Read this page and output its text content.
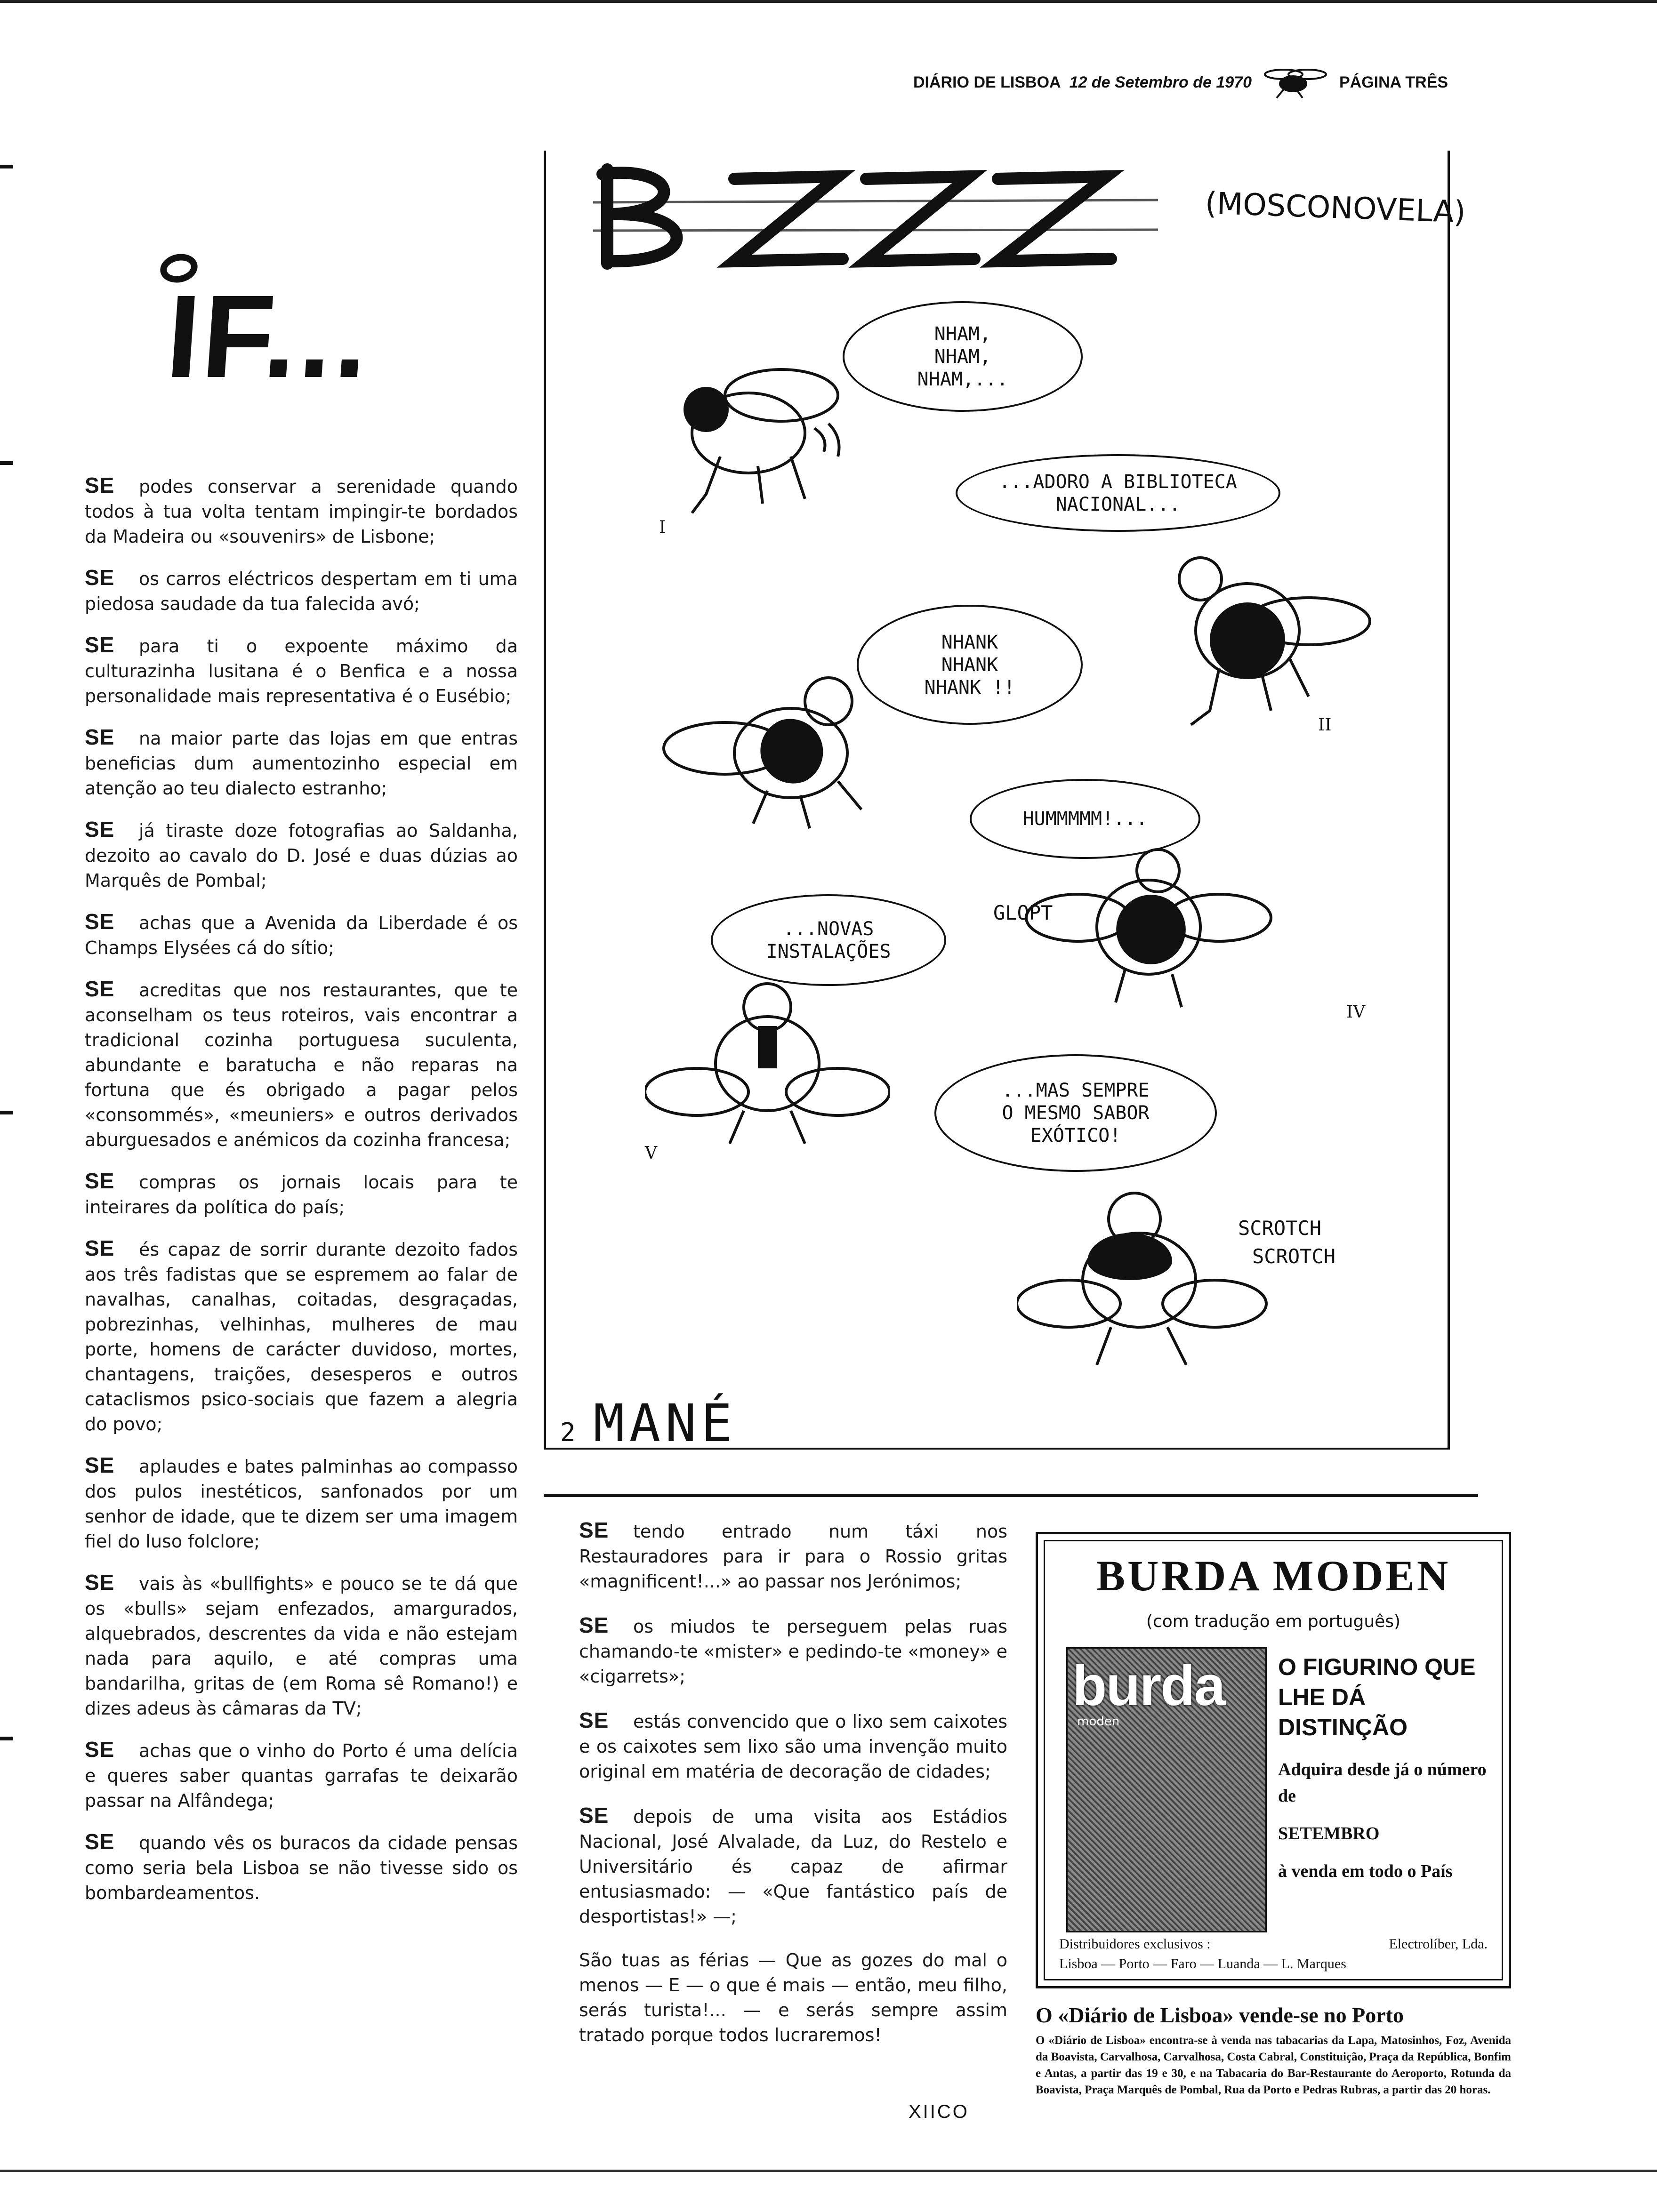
DIÁRIO DE LISBOA 12 de Setembro de 1970	PÁGINA TRÊS
IF...

SE podes conservar a serenidade quando todos à tua volta tentam impingir-te bordados da Madeira ou «souvenirs» de Lisbone;

SE os carros eléctricos despertam em ti uma piedosa saudade da tua falecida avó;

SE para ti o expoente máximo da culturazinha lusitana é o Benfica e a nossa personalidade mais representativa é o Eusébio;

SE na maior parte das lojas em que entras beneficias dum aumentozinho especial em atenção ao teu dialecto estranho;

SE já tiraste doze fotografias ao Saldanha, dezoito ao cavalo do D. José e duas dúzias ao Marquês de Pombal;

SE achas que a Avenida da Liberdade é os Champs Elysées cá do sítio;

SE acreditas que nos restaurantes, que te aconselham os teus roteiros, vais encontrar a tradicional cozinha portuguesa suculenta, abundante e baratucha e não reparas na fortuna que és obrigado a pagar pelos «consommés», «meuniers» e outros derivados aburguesados e anémicos da cozinha francesa;

SE compras os jornais locais para te inteirares da política do país;

SE és capaz de sorrir durante dezoito fados aos três fadistas que se espremem ao falar de navalhas, canalhas, coitadas, desgraçadas, pobrezinhas, velhinhas, mulheres de mau porte, homens de carácter duvidoso, mortes, chantagens, traições, desesperos e outros cataclismos psico-sociais que fazem a alegria do povo;

SE aplaudes e bates palminhas ao compasso dos pulos inestéticos, sanfonados por um senhor de idade, que te dizem ser uma imagem fiel do luso folclore;

SE vais às «bullfights» e pouco se te dá que os «bulls» sejam enfezados, amargurados, alquebrados, descrentes da vida e não estejam nada para aquilo, e até compras uma bandarilha, gritas de (em Roma sê Romano!) e dizes adeus às câmaras da TV;

SE achas que o vinho do Porto é uma delícia e queres saber quantas garrafas te deixarão passar na Alfândega;

SE quando vês os buracos da cidade pensas como seria bela Lisboa se não tivesse sido os bombardeamentos.

(MOSCONOVELA)
NHAM,
NHAM,
NHAM,...
...ADORO A BIBLIOTECA
NACIONAL...
NHANK
NHANK
NHANK !!
HUMMMMM!...
...NOVAS
INSTALAÇÕES
...MAS SEMPRE
O MESMO SABOR
EXÓTICO!
I
II
IV
V
GLOPT
SCROTCH
SCROTCH
2 MANÉ

SE tendo entrado num táxi nos Restauradores para ir para o Rossio gritas «magnificent!...» ao passar nos Jerónimos;

SE os miudos te perseguem pelas ruas chamando-te «mister» e pedindo-te «money» e «cigarrets»;

SE estás convencido que o lixo sem caixotes e os caixotes sem lixo são uma invenção muito original em matéria de decoração de cidades;

SE depois de uma visita aos Estádios Nacional, José Alvalade, da Luz, do Restelo e Universitário és capaz de afirmar entusiasmado: — «Que fantástico país de desportistas!» —;

São tuas as férias — Que as gozes do mal o menos — E — o que é mais — então, meu filho, serás turista!... — e serás sempre assim tratado porque todos lucraremos!

XIICO
BURDA MODEN
(com tradução em português)
burda
moden

O FIGURINO QUE LHE DÁ DISTINÇÃO

Adquira desde já o número de

SETEMBRO

à venda em todo o País

Distribuidores exclusivos :	Electrolíber, Lda.
Lisboa — Porto — Faro — Luanda — L. Marques

O «Diário de Lisboa» vende-se no Porto

O «Diário de Lisboa» encontra-se à venda nas tabacarias da Lapa, Matosinhos, Foz, Avenida da Boavista, Carvalhosa, Carvalhosa, Costa Cabral, Constituição, Praça da República, Bonfim e Antas, a partir das 19 e 30, e na Tabacaria do Bar-Restaurante do Aeroporto, Rotunda da Boavista, Praça Marquês de Pombal, Rua da Porto e Pedras Rubras, a partir das 20 horas.
